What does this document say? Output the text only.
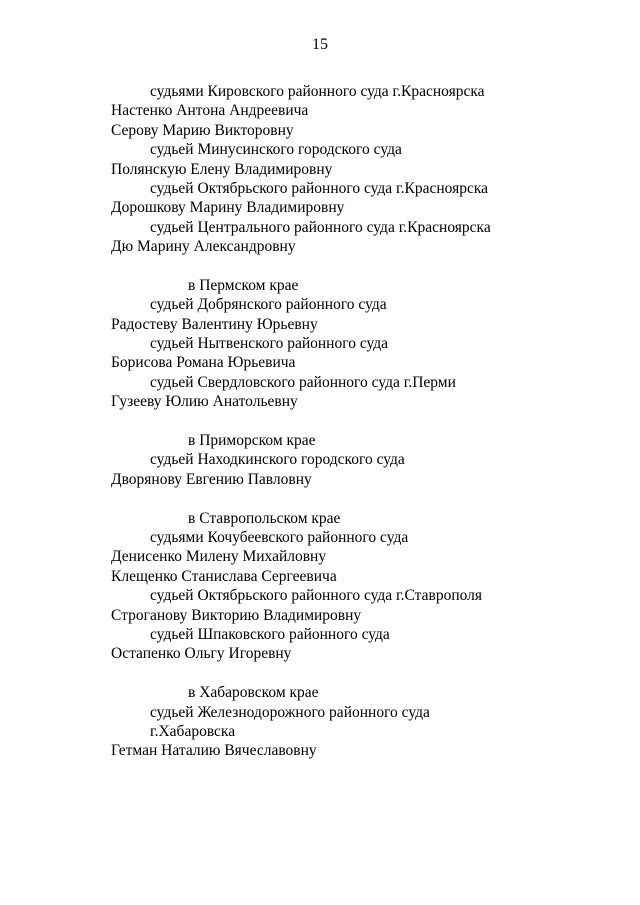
15
судьями Кировского районного суда г.Красноярска
Настенко Антона Андреевича
Серову Марию Викторовну
судьей Минусинского городского суда
Полянскую Елену Владимировну
судьей Октябрьского районного суда г.Красноярска
Дорошкову Марину Владимировну
судьей Центрального районного суда г.Красноярска
Дю Марину Александровну
в Пермском крае
судьей Добрянского районного суда
Радостеву Валентину Юрьевну
судьей Нытвенского районного суда
Борисова Романа Юрьевича
судьей Свердловского районного суда г.Перми
Гузееву Юлию Анатольевну
в Приморском крае
судьей Находкинского городского суда
Дворянову Евгению Павловну
в Ставропольском крае
судьями Кочубеевского районного суда
Денисенко Милену Михайловну
Клещенко Станислава Сергеевича
судьей Октябрьского районного суда г.Ставрополя
Строганову Викторию Владимировну
судьей Шпаковского районного суда
Остапенко Ольгу Игоревну
в Хабаровском крае
судьей Железнодорожного районного суда
г.Хабаровска
Гетман Наталию Вячеславовну
